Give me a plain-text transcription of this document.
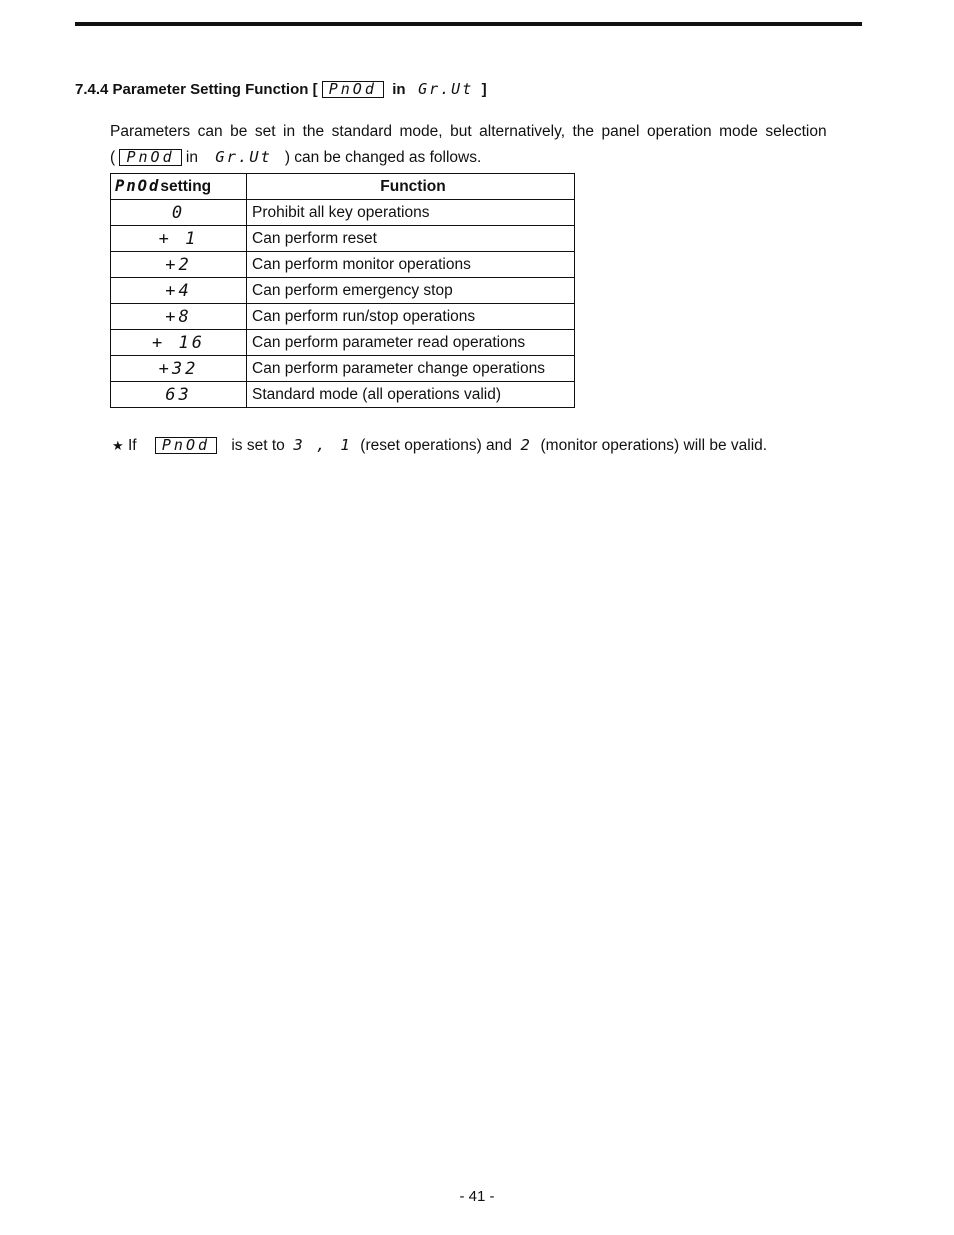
7.4.4 Parameter Setting Function [ PnOd in Gr.Ut ]
Parameters can be set in the standard mode, but alternatively, the panel operation mode selection
( PnOd in Gr.Ut ) can be changed as follows.
PnOdsetting	Function
0	Prohibit all key operations
+ 1	Can perform reset
+2	Can perform monitor operations
+4	Can perform emergency stop
+8	Can perform run/stop operations
+ 16	Can perform parameter read operations
+32	Can perform parameter change operations
63	Standard mode (all operations valid)
★ If PnOd is set to 3 , 1 (reset operations) and 2 (monitor operations) will be valid.
- 41 -
